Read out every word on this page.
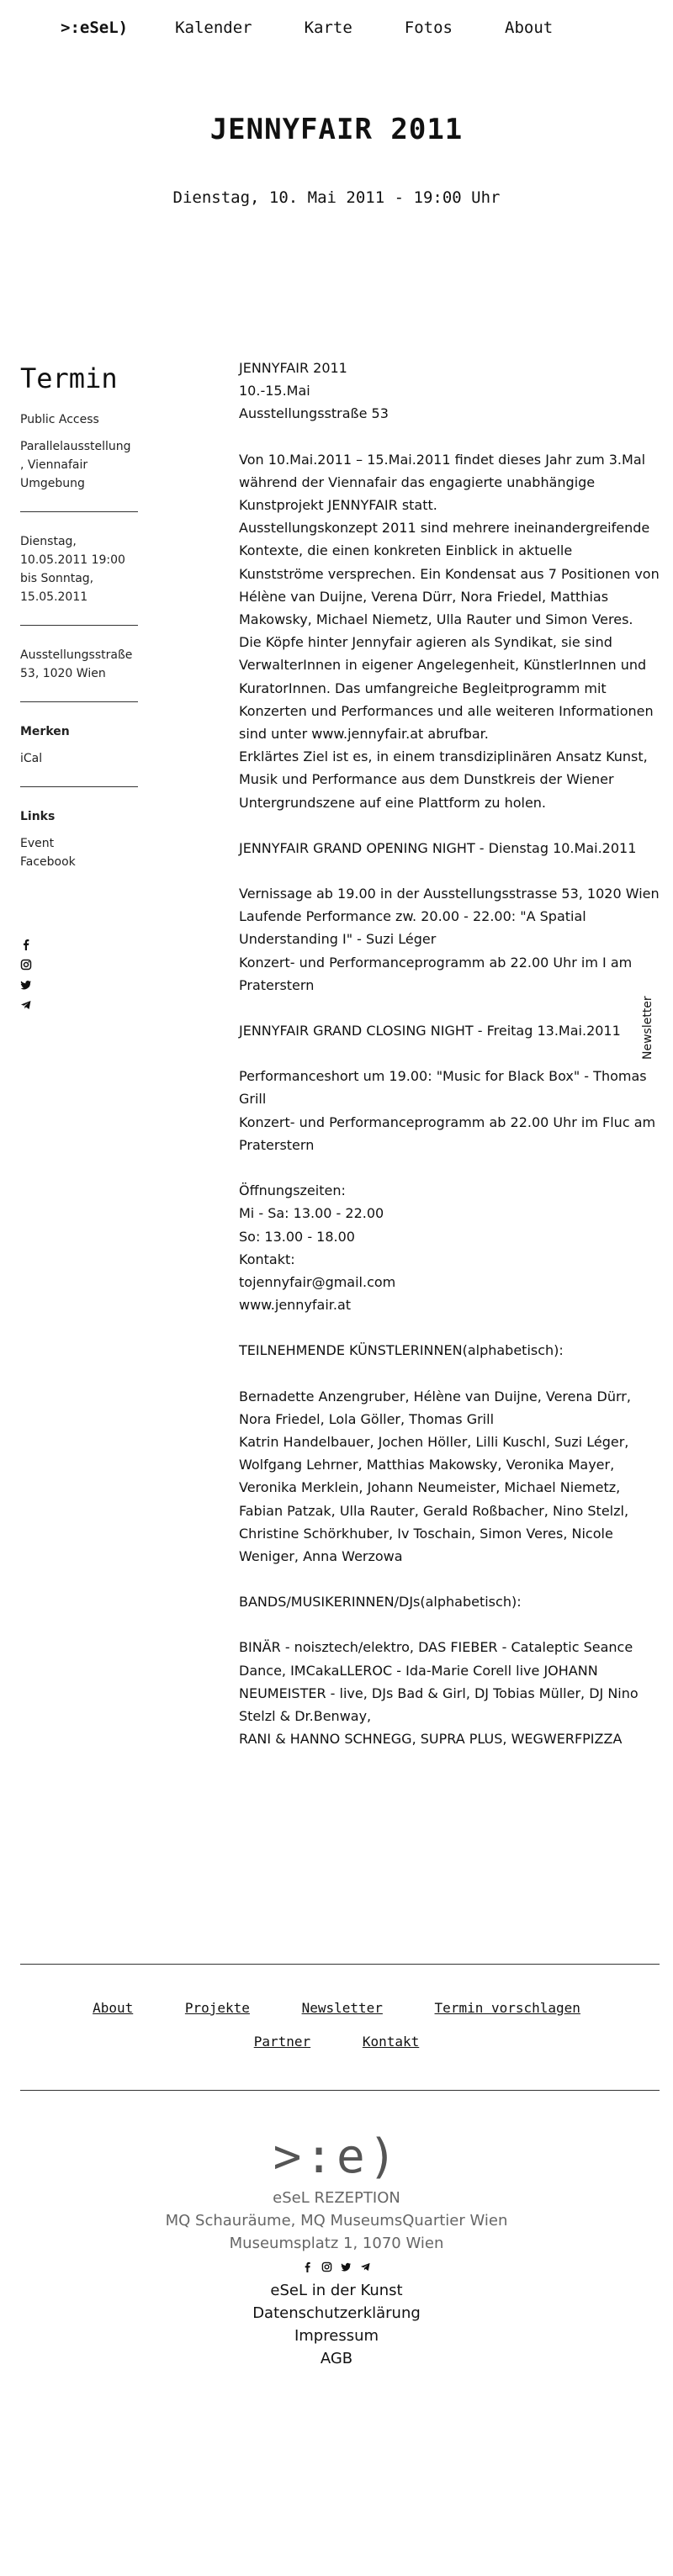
>:eSeL)	Kalender	Karte	Fotos	About
JENNYFAIR 2011
Dienstag, 10. Mai 2011 - 19:00 Uhr
Termin
Public Access
Parallelausstellung
, Viennafair
Umgebung
Dienstag,
10.05.2011 19:00
bis Sonntag,
15.05.2011
Ausstellungsstraße
53, 1020 Wien
Merken
iCal
Links
Event
Facebook

JENNYFAIR 2011
10.-15.Mai
Ausstellungsstraße 53

Von 10.Mai.2011 – 15.Mai.2011 findet dieses Jahr zum 3.Mal während der Viennafair das engagierte unabhängige Kunstprojekt JENNYFAIR statt.
Ausstellungskonzept 2011 sind mehrere ineinandergreifende Kontexte, die einen konkreten Einblick in aktuelle Kunstströme versprechen. Ein Kondensat aus 7 Positionen von Hélène van Duijne, Verena Dürr, Nora Friedel, Matthias Makowsky, Michael Niemetz, Ulla Rauter und Simon Veres. Die Köpfe hinter Jennyfair agieren als Syndikat, sie sind VerwalterInnen in eigener Angelegenheit, KünstlerInnen und KuratorInnen. Das umfangreiche Begleitprogramm mit Konzerten und Performances und alle weiteren Informationen sind unter www.jennyfair.at abrufbar.
Erklärtes Ziel ist es, in einem transdiziplinären Ansatz Kunst, Musik und Performance aus dem Dunstkreis der Wiener Untergrundszene auf eine Plattform zu holen.

JENNYFAIR GRAND OPENING NIGHT - Dienstag 10.Mai.2011

Vernissage ab 19.00 in der Ausstellungsstrasse 53, 1020 Wien
Laufende Performance zw. 20.00 - 22.00: "A Spatial Understanding I" - Suzi Léger
Konzert- und Performanceprogramm ab 22.00 Uhr im I am Praterstern

JENNYFAIR GRAND CLOSING NIGHT - Freitag 13.Mai.2011

Performanceshort um 19.00: "Music for Black Box" - Thomas Grill
Konzert- und Performanceprogramm ab 22.00 Uhr im Fluc am Praterstern

Öffnungszeiten:
Mi - Sa: 13.00 - 22.00
So: 13.00 - 18.00
Kontakt:
tojennyfair@gmail.com
www.jennyfair.at

TEILNEHMENDE KÜNSTLERINNEN(alphabetisch):

Bernadette Anzengruber, Hélène van Duijne, Verena Dürr, Nora Friedel, Lola Göller, Thomas Grill
Katrin Handelbauer, Jochen Höller, Lilli Kuschl, Suzi Léger, Wolfgang Lehrner, Matthias Makowsky, Veronika Mayer, Veronika Merklein, Johann Neumeister, Michael Niemetz, Fabian Patzak, Ulla Rauter, Gerald Roßbacher, Nino Stelzl, Christine Schörkhuber, Iv Toschain, Simon Veres, Nicole Weniger, Anna Werzowa

BANDS/MUSIKERINNEN/DJs(alphabetisch):

BINÄR - noisztech/elektro, DAS FIEBER - Cataleptic Seance Dance, IMCakaLLEROC - Ida-Marie Corell live JOHANN NEUMEISTER - live, DJs Bad & Girl, DJ Tobias Müller, DJ Nino Stelzl & Dr.Benway,
RANI & HANNO SCHNEGG, SUPRA PLUS, WEGWERFPIZZA

Newsletter
About	Projekte	Newsletter	Termin vorschlagen
Partner	Kontakt
>:e)
eSeL REZEPTION
MQ Schauräume, MQ MuseumsQuartier Wien
Museumsplatz 1, 1070 Wien
eSeL in der Kunst
Datenschutzerklärung
Impressum
AGB
